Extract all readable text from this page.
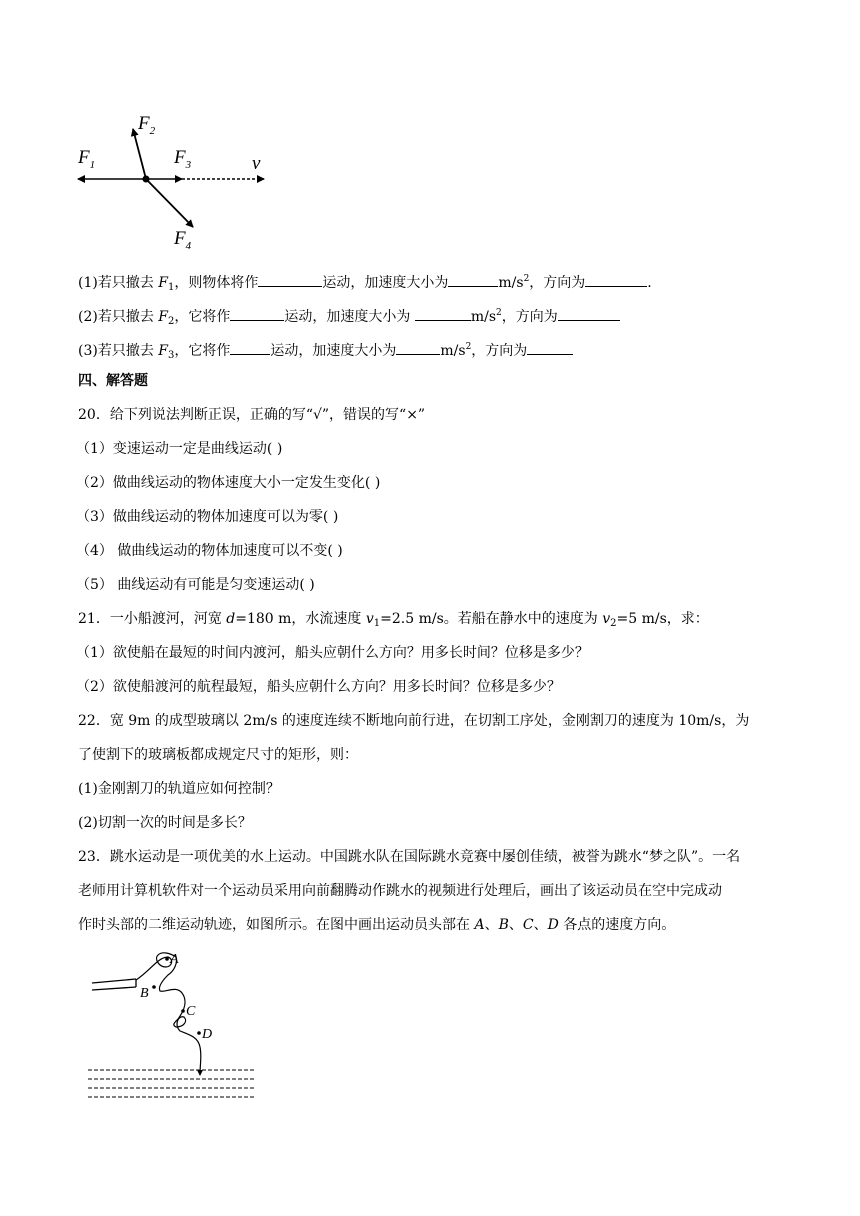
$F_2$
$F_1$	$F_3$	v
$F_4$
(1)若只撤去 $F_1$，则物体将作	运动，加速度大小为	$m/s^2$，方向为	.
(2)若只撤去 $F_2$，它将作	运动，加速度大小为	$m/s^2$，方向为
(3)若只撤去 $F_3$，它将作	运动，加速度大小为	$m/s^2$，方向为
四、解答题
20．给下列说法判断正误，正确的写“√”，错误的写“×”
（1）变速运动一定是曲线运动( )
（2）做曲线运动的物体速度大小一定发生变化( )
（3）做曲线运动的物体加速度可以为零( )
（4） 做曲线运动的物体加速度可以不变( )
（5） 曲线运动有可能是匀变速运动( )
21．一小船渡河，河宽 d=180 m，水流速度 $v_1=2.5$ m/s。若船在静水中的速度为 $v_2=5$ m/s，求：
（1）欲使船在最短的时间内渡河，船头应朝什么方向？用多长时间？位移是多少？
（2）欲使船渡河的航程最短，船头应朝什么方向？用多长时间？位移是多少？
22．宽 9m 的成型玻璃以 2m/s 的速度连续不断地向前行进，在切割工序处，金刚割刀的速度为 10m/s，为
了使割下的玻璃板都成规定尺寸的矩形，则：
(1)金刚割刀的轨道应如何控制？
(2)切割一次的时间是多长？
23．跳水运动是一项优美的水上运动。中国跳水队在国际跳水竞赛中屡创佳绩，被誉为跳水“梦之队”。一名
老师用计算机软件对一个运动员采用向前翻腾动作跳水的视频进行处理后，画出了该运动员在空中完成动
作时头部的二维运动轨迹，如图所示。在图中画出运动员头部在 A、B、C、D 各点的速度方向。
A
B
C
D
